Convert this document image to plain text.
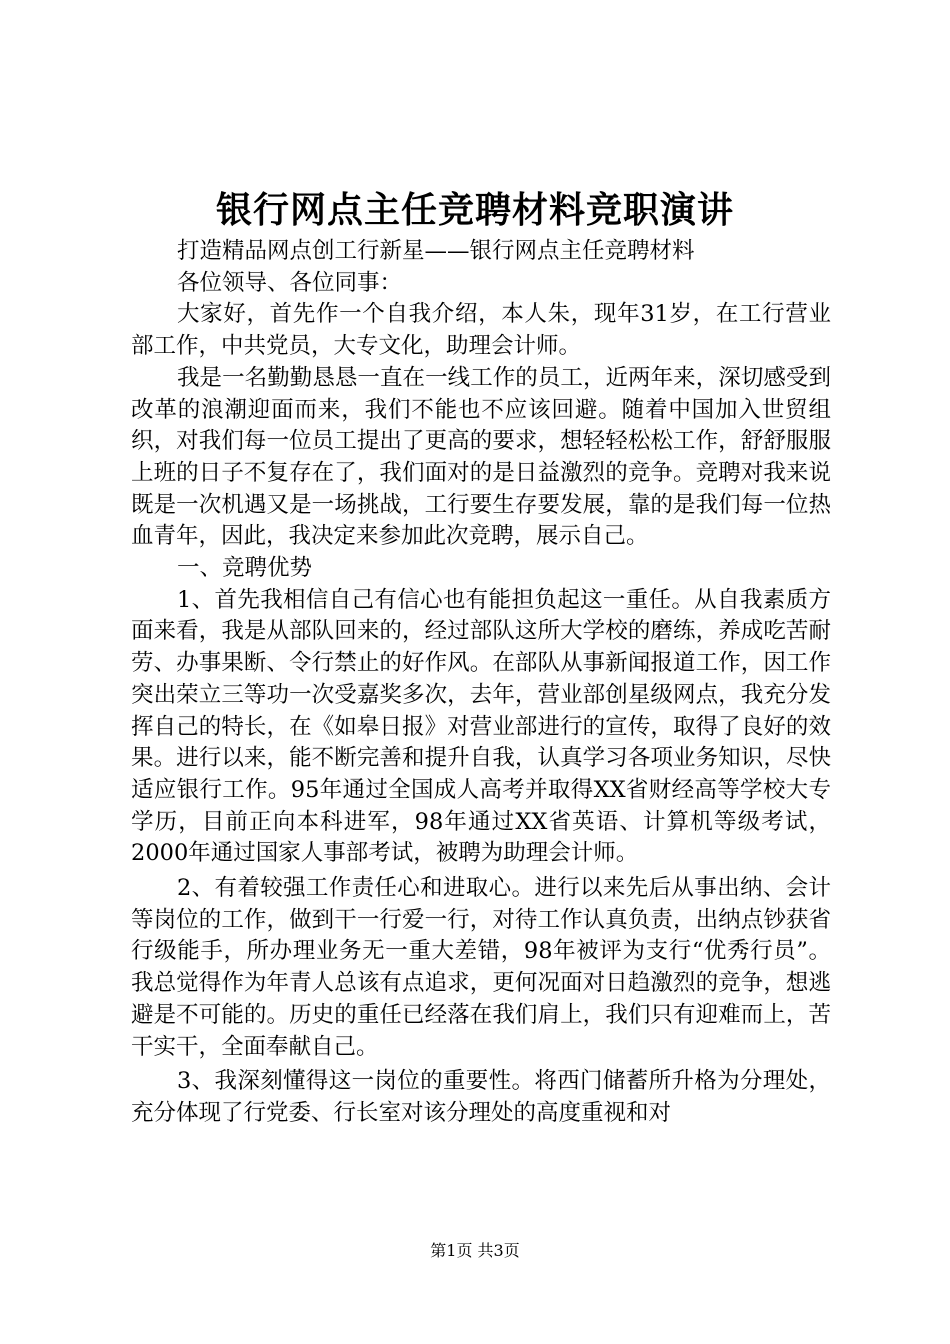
银行网点主任竞聘材料竞职演讲

打造精品网点创工行新星——银行网点主任竞聘材料

各位领导、各位同事：

大家好，首先作一个自我介绍，本人朱，现年31岁，在工行营业部工作，中共党员，大专文化，助理会计师。

我是一名勤勤恳恳一直在一线工作的员工，近两年来，深切感受到改革的浪潮迎面而来，我们不能也不应该回避。随着中国加入世贸组织，对我们每一位员工提出了更高的要求，想轻轻松松工作，舒舒服服上班的日子不复存在了，我们面对的是日益激烈的竞争。竞聘对我来说既是一次机遇又是一场挑战，工行要生存要发展，靠的是我们每一位热血青年，因此，我决定来参加此次竞聘，展示自己。

一、竞聘优势

1、首先我相信自己有信心也有能担负起这一重任。从自我素质方面来看，我是从部队回来的，经过部队这所大学校的磨练，养成吃苦耐劳、办事果断、令行禁止的好作风。在部队从事新闻报道工作，因工作突出荣立三等功一次受嘉奖多次，去年，营业部创星级网点，我充分发挥自己的特长，在《如皋日报》对营业部进行的宣传，取得了良好的效果。进行以来，能不断完善和提升自我，认真学习各项业务知识，尽快适应银行工作。95年通过全国成人高考并取得XX省财经高等学校大专学历，目前正向本科进军，98年通过XX省英语、计算机等级考试，2000年通过国家人事部考试，被聘为助理会计师。

2、有着较强工作责任心和进取心。进行以来先后从事出纳、会计等岗位的工作，做到干一行爱一行，对待工作认真负责，出纳点钞获省行级能手，所办理业务无一重大差错，98年被评为支行“优秀行员”。我总觉得作为年青人总该有点追求，更何况面对日趋激烈的竞争，想逃避是不可能的。历史的重任已经落在我们肩上，我们只有迎难而上，苦干实干，全面奉献自己。

3、我深刻懂得这一岗位的重要性。将西门储蓄所升格为分理处，充分体现了行党委、行长室对该分理处的高度重视和对

第1页 共3页
